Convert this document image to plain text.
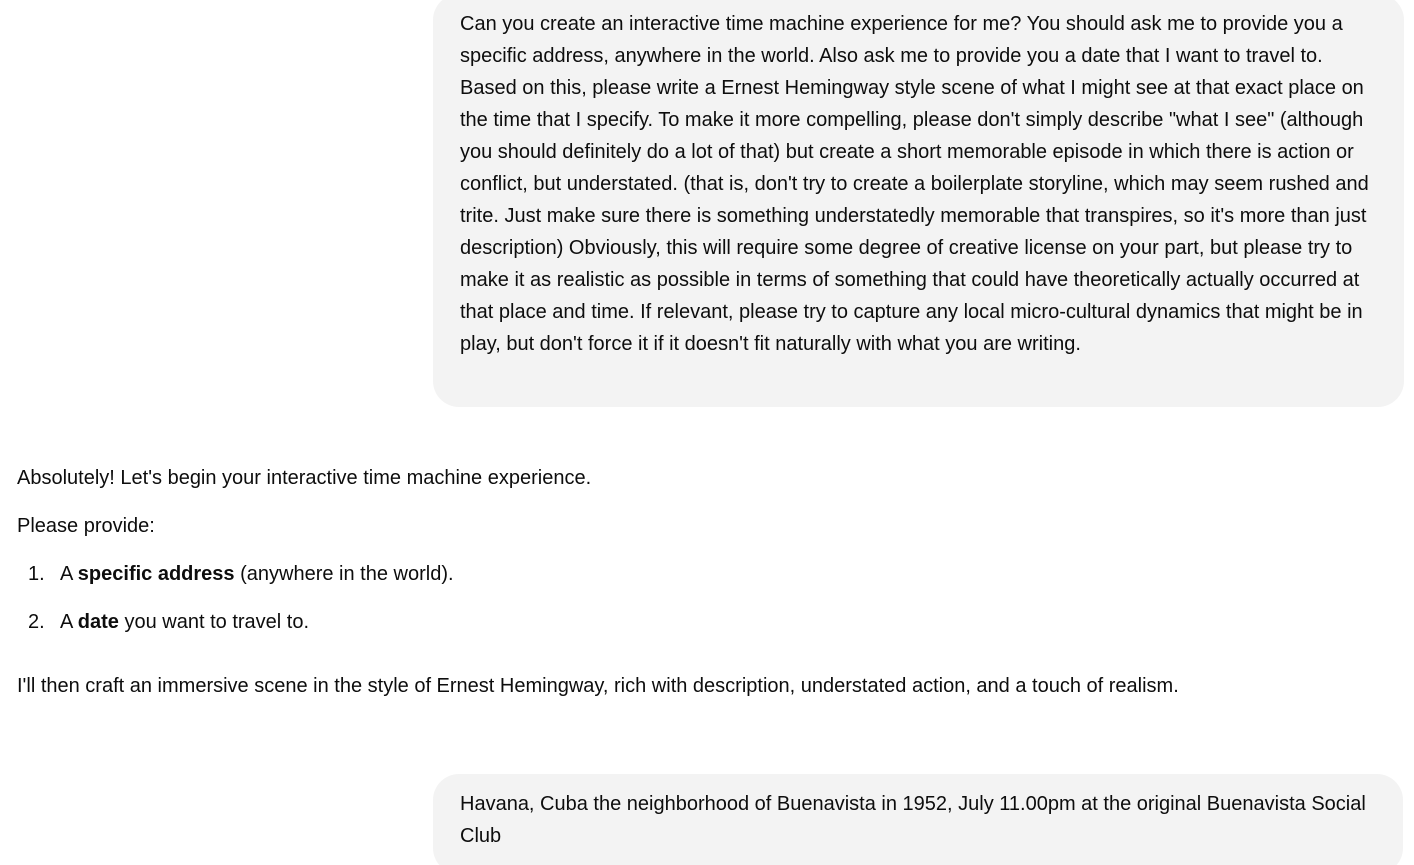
Can you create an interactive time machine experience for me? You should ask me to provide you a specific address, anywhere in the world. Also ask me to provide you a date that I want to travel to. Based on this, please write a Ernest Hemingway style scene of what I might see at that exact place on the time that I specify. To make it more compelling, please don't simply describe "what I see" (although you should definitely do a lot of that) but create a short memorable episode in which there is action or conflict, but understated. (that is, don't try to create a boilerplate storyline, which may seem rushed and trite. Just make sure there is something understatedly memorable that transpires, so it's more than just description) Obviously, this will require some degree of creative license on your part, but please try to make it as realistic as possible in terms of something that could have theoretically actually occurred at that place and time. If relevant, please try to capture any local micro-cultural dynamics that might be in play, but don't force it if it doesn't fit naturally with what you are writing.

Absolutely! Let's begin your interactive time machine experience.

Please provide:

1. A specific address (anywhere in the world).
2. A date you want to travel to.

I'll then craft an immersive scene in the style of Ernest Hemingway, rich with description, understated action, and a touch of realism.

Havana, Cuba the neighborhood of Buenavista in 1952, July 11.00pm at the original Buenavista Social Club
